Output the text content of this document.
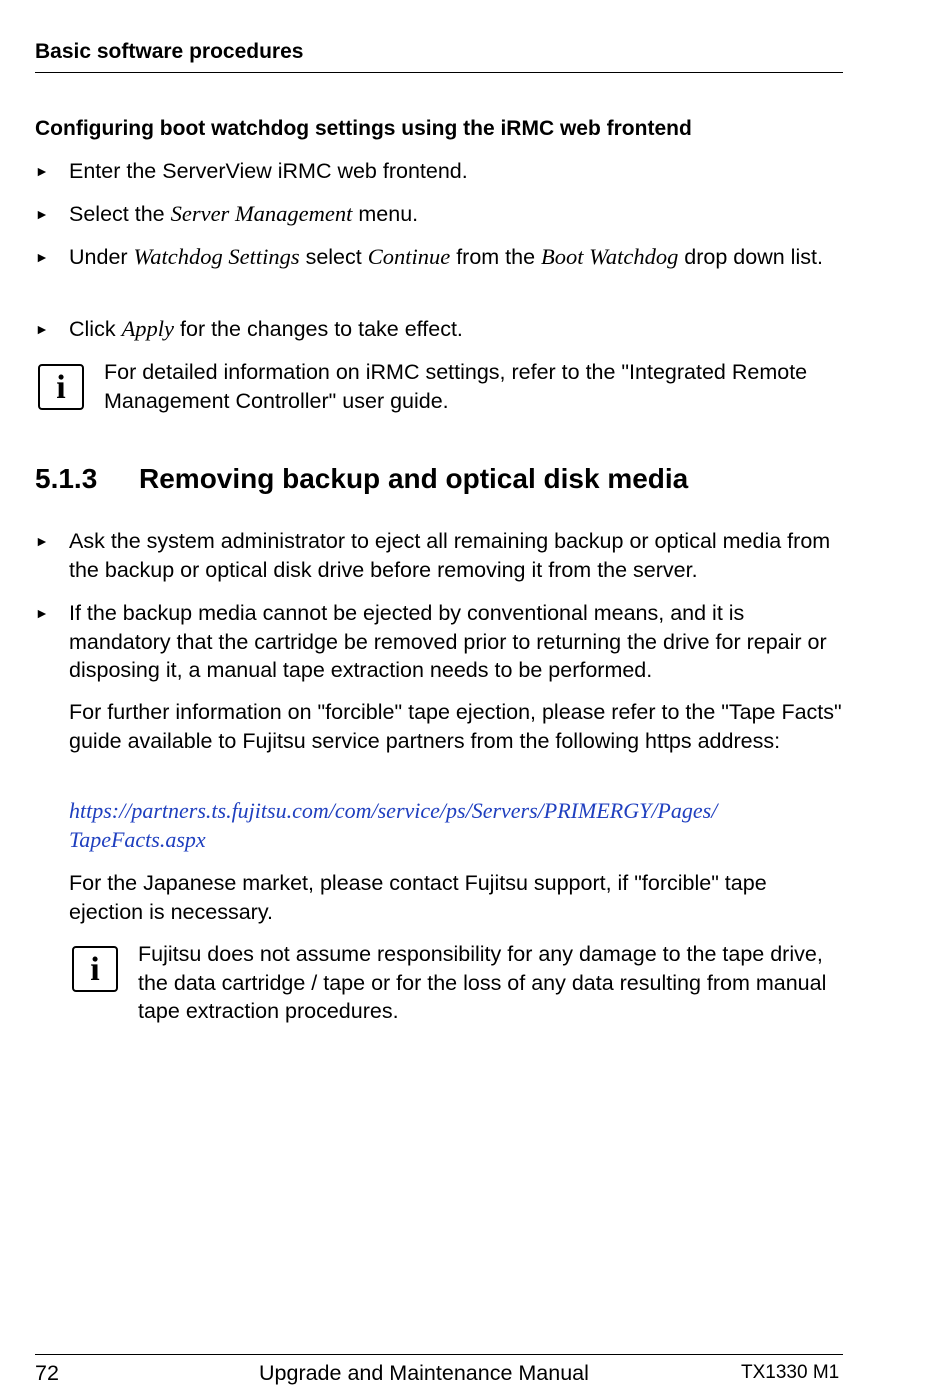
Basic software procedures
Configuring boot watchdog settings using the iRMC web frontend
► Enter the ServerView iRMC web frontend.
► Select the Server Management menu.
► Under Watchdog Settings select Continue from the Boot Watchdog drop down list.
► Click Apply for the changes to take effect.
i	For detailed information on iRMC settings, refer to the "Integrated Remote Management Controller" user guide.
5.1.3 Removing backup and optical disk media
► Ask the system administrator to eject all remaining backup or optical media from the backup or optical disk drive before removing it from the server.
► If the backup media cannot be ejected by conventional means, and it is mandatory that the cartridge be removed prior to returning the drive for repair or disposing it, a manual tape extraction needs to be performed.
For further information on "forcible" tape ejection, please refer to the "Tape Facts" guide available to Fujitsu service partners from the following https address:
https://partners.ts.fujitsu.com/com/service/ps/Servers/PRIMERGY/Pages/
TapeFacts.aspx
For the Japanese market, please contact Fujitsu support, if "forcible" tape ejection is necessary.
i	Fujitsu does not assume responsibility for any damage to the tape drive, the data cartridge / tape or for the loss of any data resulting from manual tape extraction procedures.
72	Upgrade and Maintenance Manual	TX1330 M1
